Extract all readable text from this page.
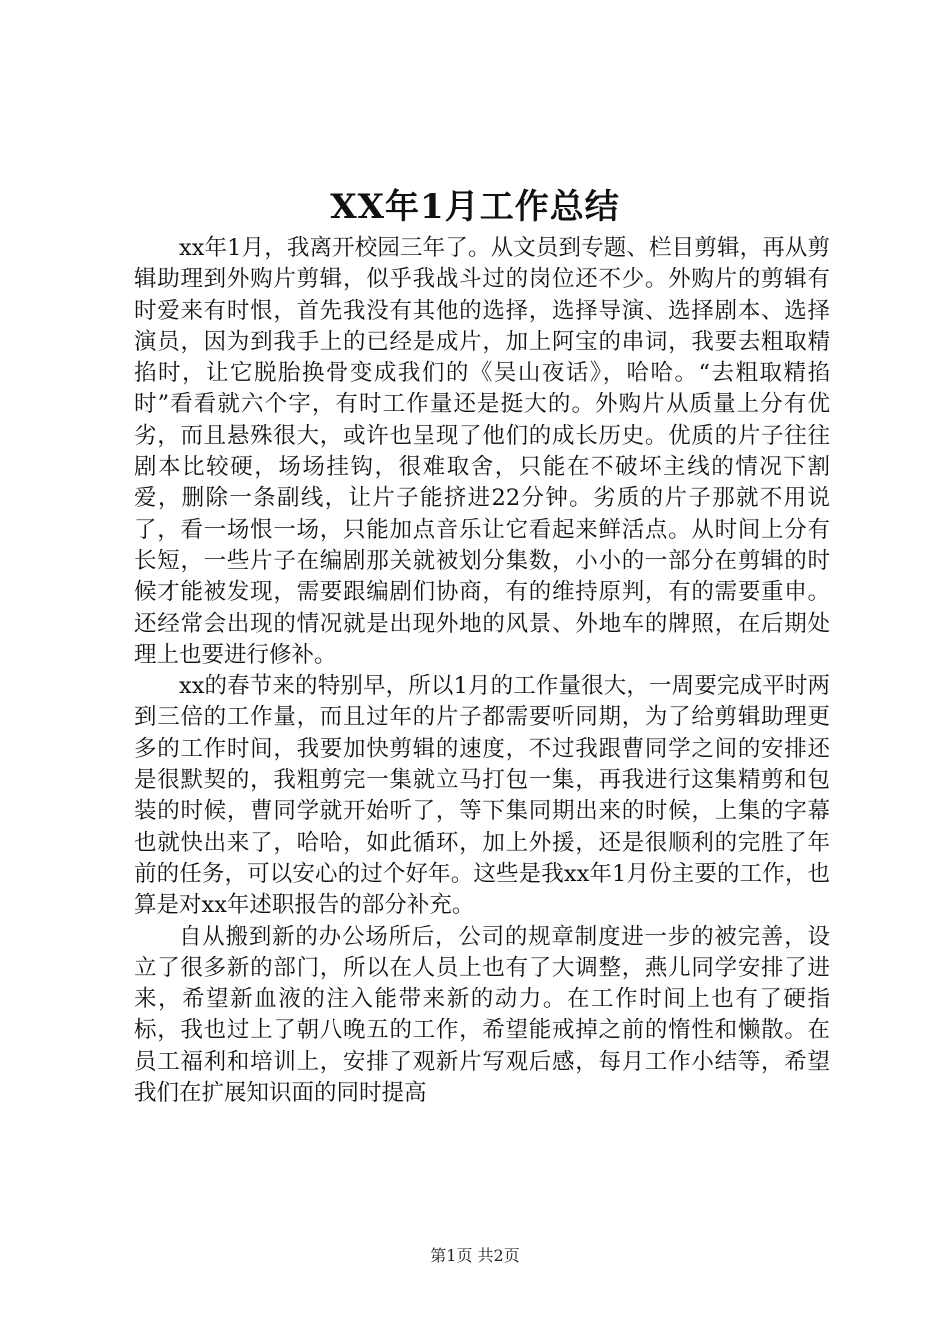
XX年1月工作总结

xx年1月，我离开校园三年了。从文员到专题、栏目剪辑，再从剪辑助理到外购片剪辑，似乎我战斗过的岗位还不少。外购片的剪辑有时爱来有时恨，首先我没有其他的选择，选择导演、选择剧本、选择演员，因为到我手上的已经是成片，加上阿宝的串词，我要去粗取精掐时，让它脱胎换骨变成我们的《吴山夜话》，哈哈。“去粗取精掐时”看看就六个字，有时工作量还是挺大的。外购片从质量上分有优劣，而且悬殊很大，或许也呈现了他们的成长历史。优质的片子往往剧本比较硬，场场挂钩，很难取舍，只能在不破坏主线的情况下割爱，删除一条副线，让片子能挤进22分钟。劣质的片子那就不用说了，看一场恨一场，只能加点音乐让它看起来鲜活点。从时间上分有长短，一些片子在编剧那关就被划分集数，小小的一部分在剪辑的时候才能被发现，需要跟编剧们协商，有的维持原判，有的需要重申。还经常会出现的情况就是出现外地的风景、外地车的牌照，在后期处理上也要进行修补。

xx的春节来的特别早，所以1月的工作量很大，一周要完成平时两到三倍的工作量，而且过年的片子都需要听同期，为了给剪辑助理更多的工作时间，我要加快剪辑的速度，不过我跟曹同学之间的安排还是很默契的，我粗剪完一集就立马打包一集，再我进行这集精剪和包装的时候，曹同学就开始听了，等下集同期出来的时候，上集的字幕也就快出来了，哈哈，如此循环，加上外援，还是很顺利的完胜了年前的任务，可以安心的过个好年。这些是我xx年1月份主要的工作，也算是对xx年述职报告的部分补充。

自从搬到新的办公场所后，公司的规章制度进一步的被完善，设立了很多新的部门，所以在人员上也有了大调整，燕儿同学安排了进来，希望新血液的注入能带来新的动力。在工作时间上也有了硬指标，我也过上了朝八晚五的工作，希望能戒掉之前的惰性和懒散。在员工福利和培训上，安排了观新片写观后感，每月工作小结等，希望我们在扩展知识面的同时提高

第1页 共2页
